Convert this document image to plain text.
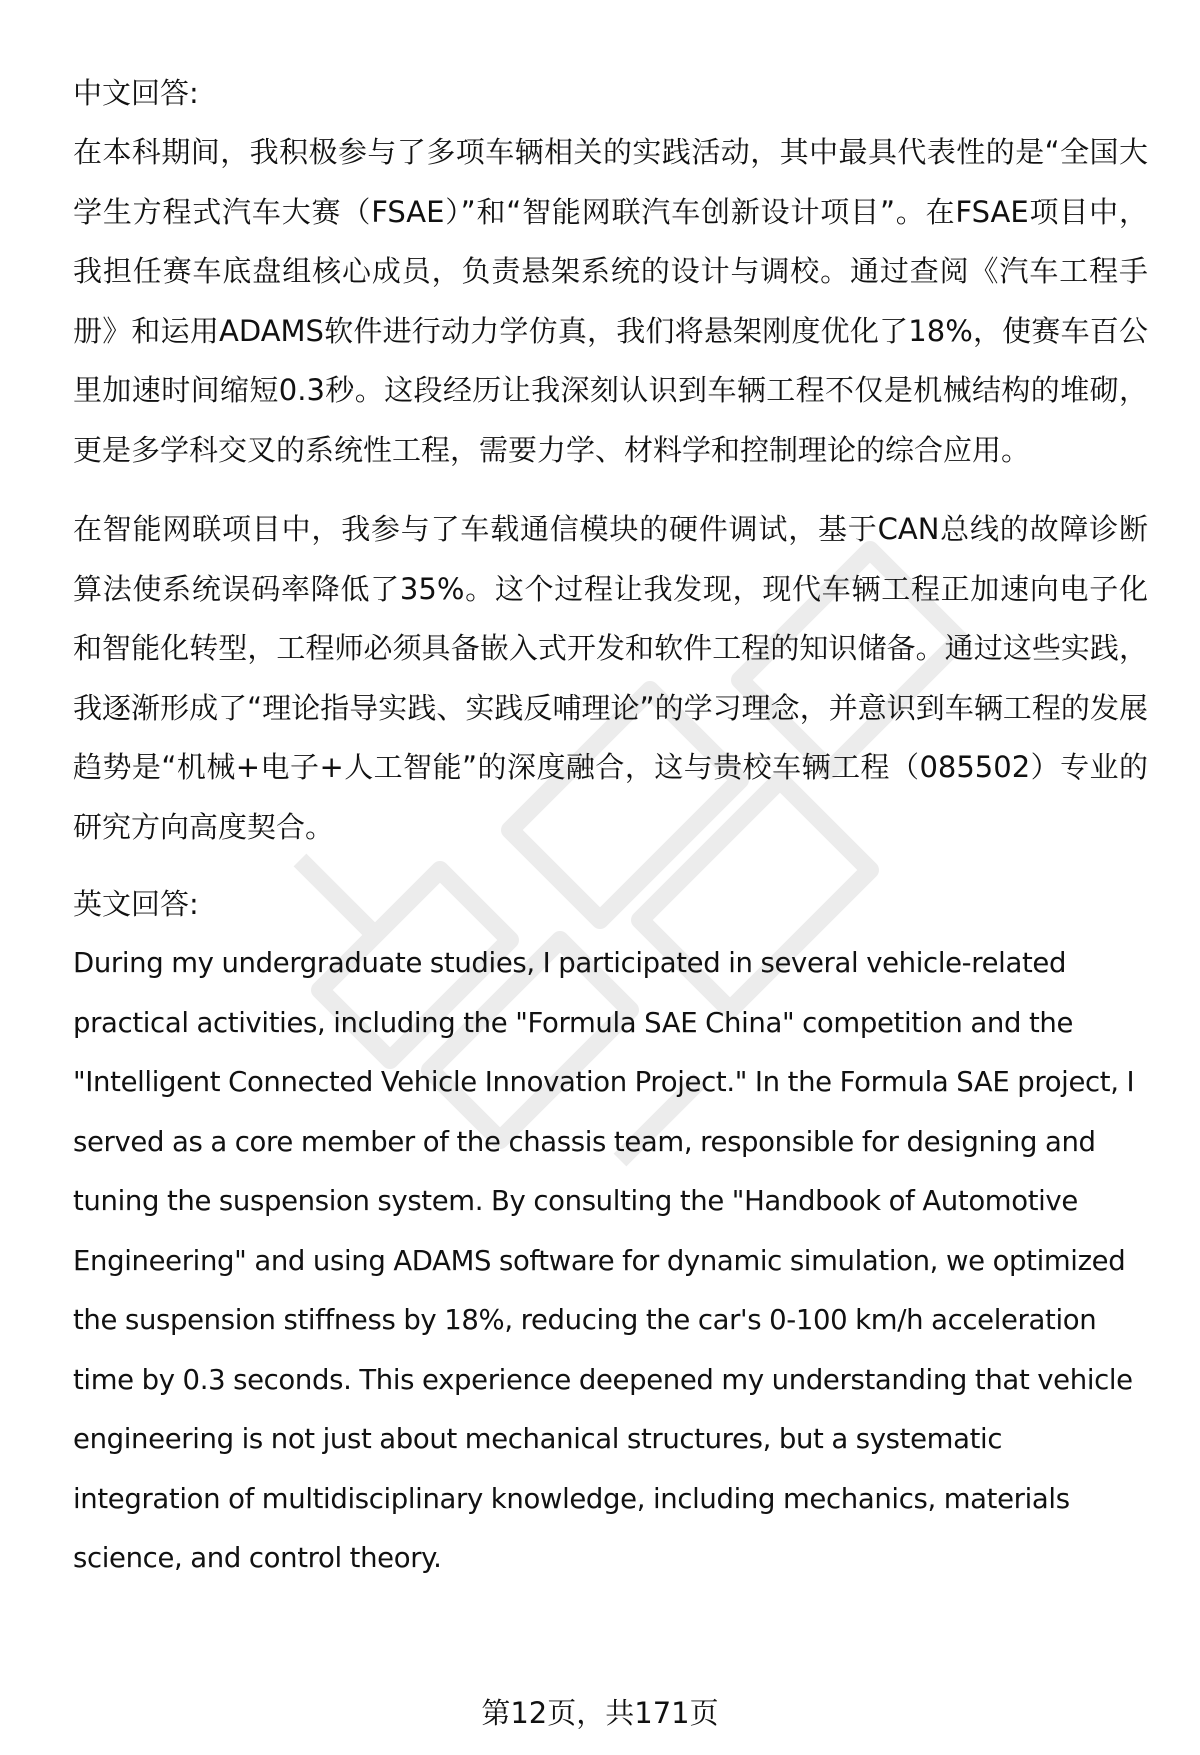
中文回答:

在本科期间，我积极参与了多项车辆相关的实践活动，其中最具代表性的是“全国大学生方程式汽车大赛（FSAE）”和“智能网联汽车创新设计项目”。在FSAE项目中，我担任赛车底盘组核心成员，负责悬架系统的设计与调校。通过查阅《汽车工程手册》和运用ADAMS软件进行动力学仿真，我们将悬架刚度优化了18%，使赛车百公里加速时间缩短0.3秒。这段经历让我深刻认识到车辆工程不仅是机械结构的堆砌，更是多学科交叉的系统性工程，需要力学、材料学和控制理论的综合应用。

在智能网联项目中，我参与了车载通信模块的硬件调试，基于CAN总线的故障诊断算法使系统误码率降低了35%。这个过程让我发现，现代车辆工程正加速向电子化和智能化转型，工程师必须具备嵌入式开发和软件工程的知识储备。通过这些实践，我逐渐形成了“理论指导实践、实践反哺理论”的学习理念，并意识到车辆工程的发展趋势是“机械+电子+人工智能”的深度融合，这与贵校车辆工程（085502）专业的研究方向高度契合。

英文回答:

During my undergraduate studies, I participated in several vehicle-related practical activities, including the "Formula SAE China" competition and the "Intelligent Connected Vehicle Innovation Project." In the Formula SAE project, I served as a core member of the chassis team, responsible for designing and tuning the suspension system. By consulting the "Handbook of Automotive Engineering" and using ADAMS software for dynamic simulation, we optimized the suspension stiffness by 18%, reducing the car's 0-100 km/h acceleration time by 0.3 seconds. This experience deepened my understanding that vehicle engineering is not just about mechanical structures, but a systematic integration of multidisciplinary knowledge, including mechanics, materials science, and control theory.

第12页，共171页
